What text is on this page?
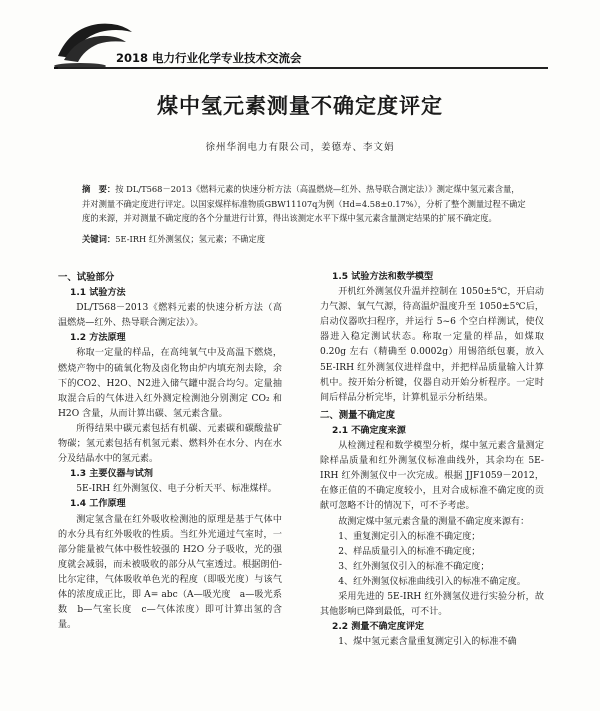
2018 电力行业化学专业技术交流会
煤中氢元素测量不确定度评定
徐州华润电力有限公司，姜德寿、李文娟
摘　要：按 DL/T568－2013《燃料元素的快速分析方法（高温燃烧—红外、热导联合测定法）》测定煤中氢元素含量，并对测量不确定度进行评定。以国家煤样标准物质GBW11107q为例（Hd=4.58±0.17%），分析了整个测量过程不确定度的来源，并对测量不确定度的各个分量进行计算，得出该测定水平下煤中氢元素含量测定结果的扩展不确定度。
关键词：5E-IRH 红外测氢仪；氢元素；不确定度
一、试验部分
1.1 试验方法

DL/T568－2013《燃料元素的快速分析方法（高温燃烧—红外、热导联合测定法）》。

1.2 方法原理

称取一定量的样品，在高纯氧气中及高温下燃烧，燃烧产物中的硫氧化物及卤化物由炉内填充剂去除，余下的CO2、H2O、N2进入储气罐中混合均匀。定量抽取混合后的气体进入红外测定检测池分别测定 CO₂ 和 H2O 含量，从而计算出碳、氢元素含量。

所得结果中碳元素包括有机碳、元素碳和碳酸盐矿物碳；氢元素包括有机氢元素、燃料外在水分、内在水分及结晶水中的氢元素。

1.3 主要仪器与试剂

5E-IRH 红外测氢仪、电子分析天平、标准煤样。

1.4 工作原理

测定氢含量在红外吸收检测池的原理是基于气体中的水分具有红外吸收的性质。当红外光通过气室时，一部分能量被气体中极性较强的 H2O 分子吸收，光的强度就会减弱，而未被吸收的部分从气室透过。根据朗伯-比尔定律，气体吸收单色光的程度（即吸光度）与该气体的浓度成正比，即 A= abc（A—吸光度　a—吸光系数　b—气室长度　c—气体浓度）即可计算出氢的含量。

1.5 试验方法和数学模型

开机红外测氢仪升温并控制在 1050±5℃，开启动力气源、氧气气源，待高温炉温度升至 1050±5℃后，启动仪器吹扫程序，并运行 5~6 个空白样测试，使仪器进入稳定测试状态。称取一定量的样品，如煤取 0.20g 左右（精确至 0.0002g）用锡箔纸包裹，放入 5E-IRH 红外测氢仪进样盘中，并把样品质量输入计算机中。按开始分析键，仪器自动开始分析程序。一定时间后样品分析完毕，计算机显示分析结果。

二、测量不确定度
2.1 不确定度来源

从检测过程和数学模型分析，煤中氢元素含量测定除样品质量和红外测氢仪标准曲线外，其余均在 5E-IRH 红外测氢仪中一次完成。根据 JJF1059－2012，在修正值的不确定度较小，且对合成标准不确定度的贡献可忽略不计的情况下，可不予考虑。

故测定煤中氢元素含量的测量不确定度来源有：

1、重复测定引入的标准不确定度；

2、样品质量引入的标准不确定度；

3、红外测氢仪引入的标准不确定度；

4、红外测氢仪标准曲线引入的标准不确定度。

采用先进的 5E-IRH 红外测氢仪进行实验分析，故其他影响已降到最低，可不计。

2.2 测量不确定度评定

1、煤中氢元素含量重复测定引入的标准不确
